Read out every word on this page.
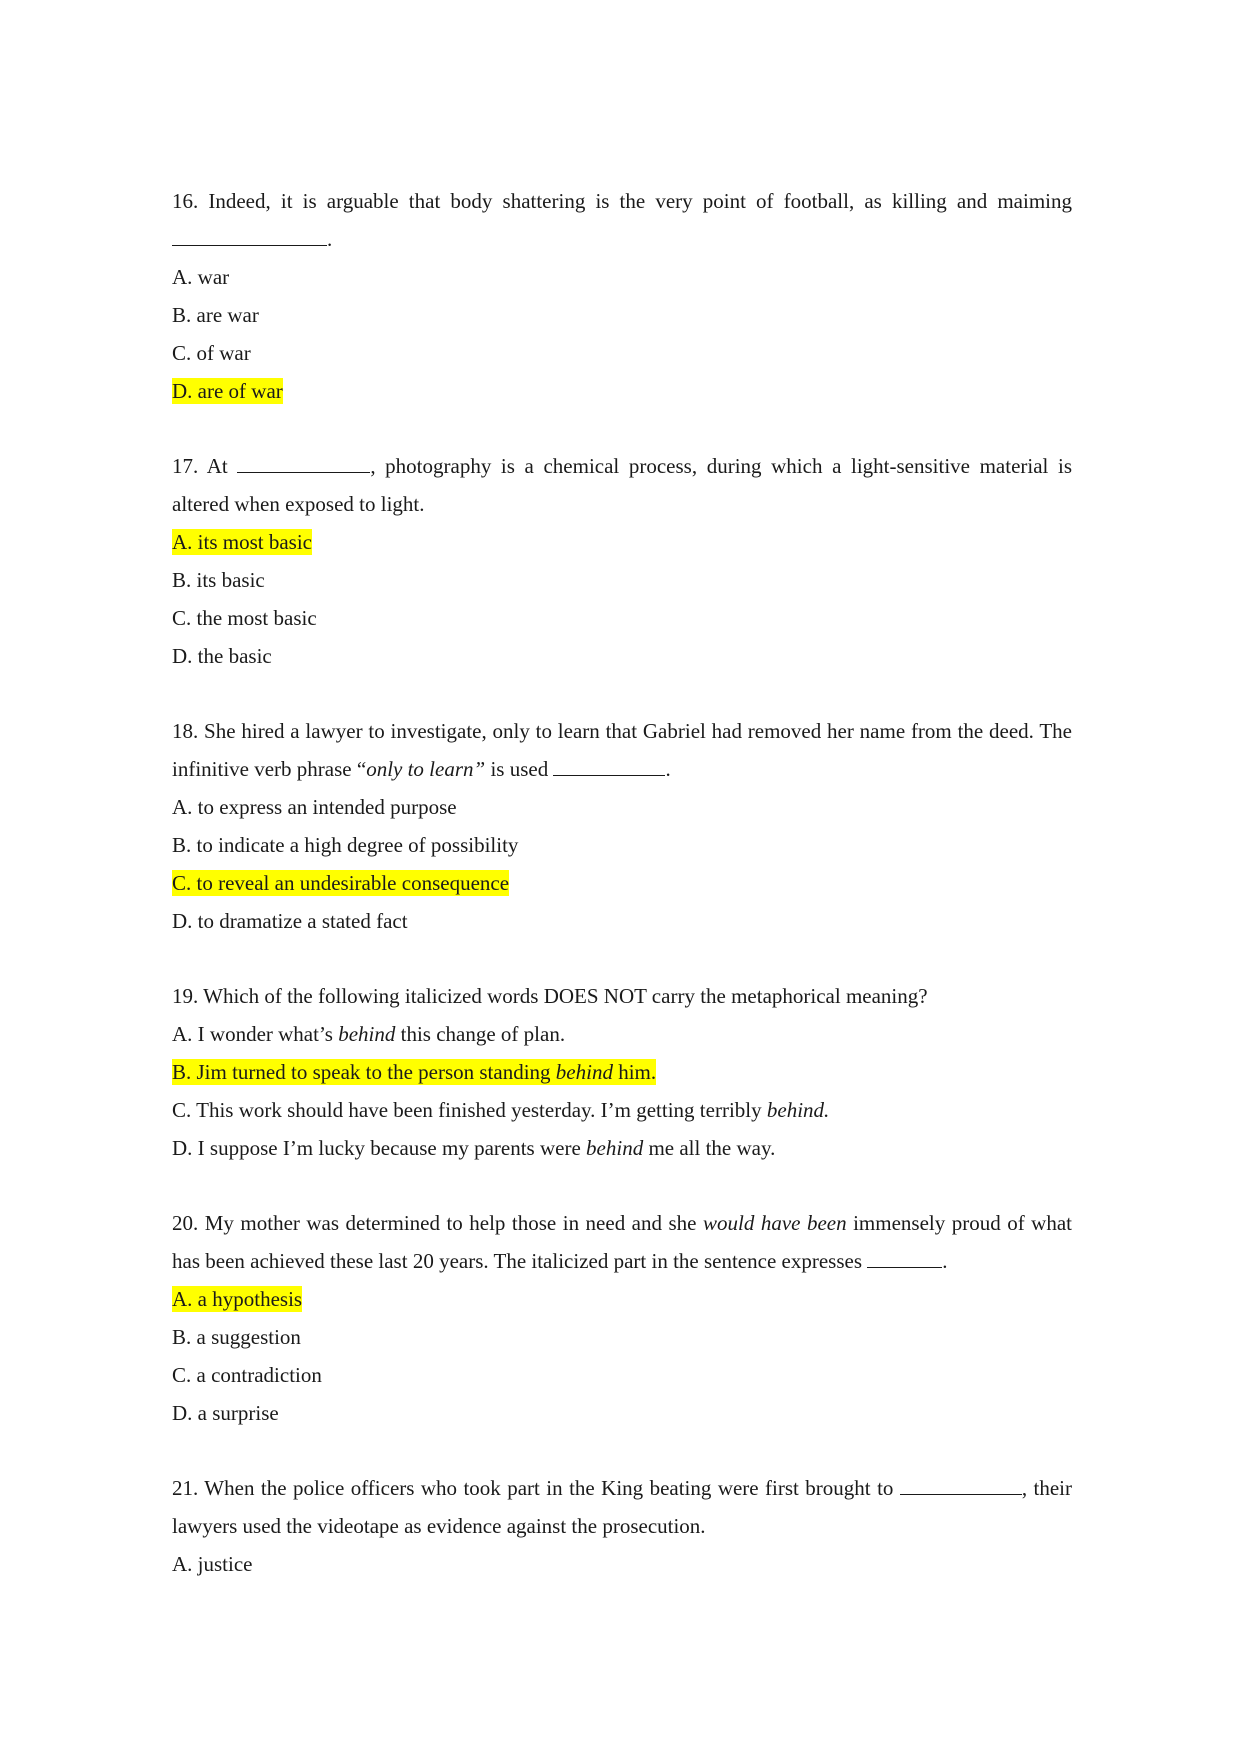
16. Indeed, it is arguable that body shattering is the very point of football, as killing and maiming .

A. war

B. are war

C. of war

D. are of war

17. At	, photography is a chemical process, during which a light-sensitive material is altered when exposed to light.

A. its most basic

B. its basic

C. the most basic

D. the basic

18. She hired a lawyer to investigate, only to learn that Gabriel had removed her name from the deed. The infinitive verb phrase “only to learn” is used	.

A. to express an intended purpose

B. to indicate a high degree of possibility

C. to reveal an undesirable consequence

D. to dramatize a stated fact

19. Which of the following italicized words DOES NOT carry the metaphorical meaning?

A. I wonder what’s behind this change of plan.

B. Jim turned to speak to the person standing behind him.

C. This work should have been finished yesterday. I’m getting terribly behind.

D. I suppose I’m lucky because my parents were behind me all the way.

20. My mother was determined to help those in need and she would have been immensely proud of what has been achieved these last 20 years. The italicized part in the sentence expresses	.

A. a hypothesis

B. a suggestion

C. a contradiction

D. a surprise

21. When the police officers who took part in the King beating were first brought to	, their lawyers used the videotape as evidence against the prosecution.

A. justice
